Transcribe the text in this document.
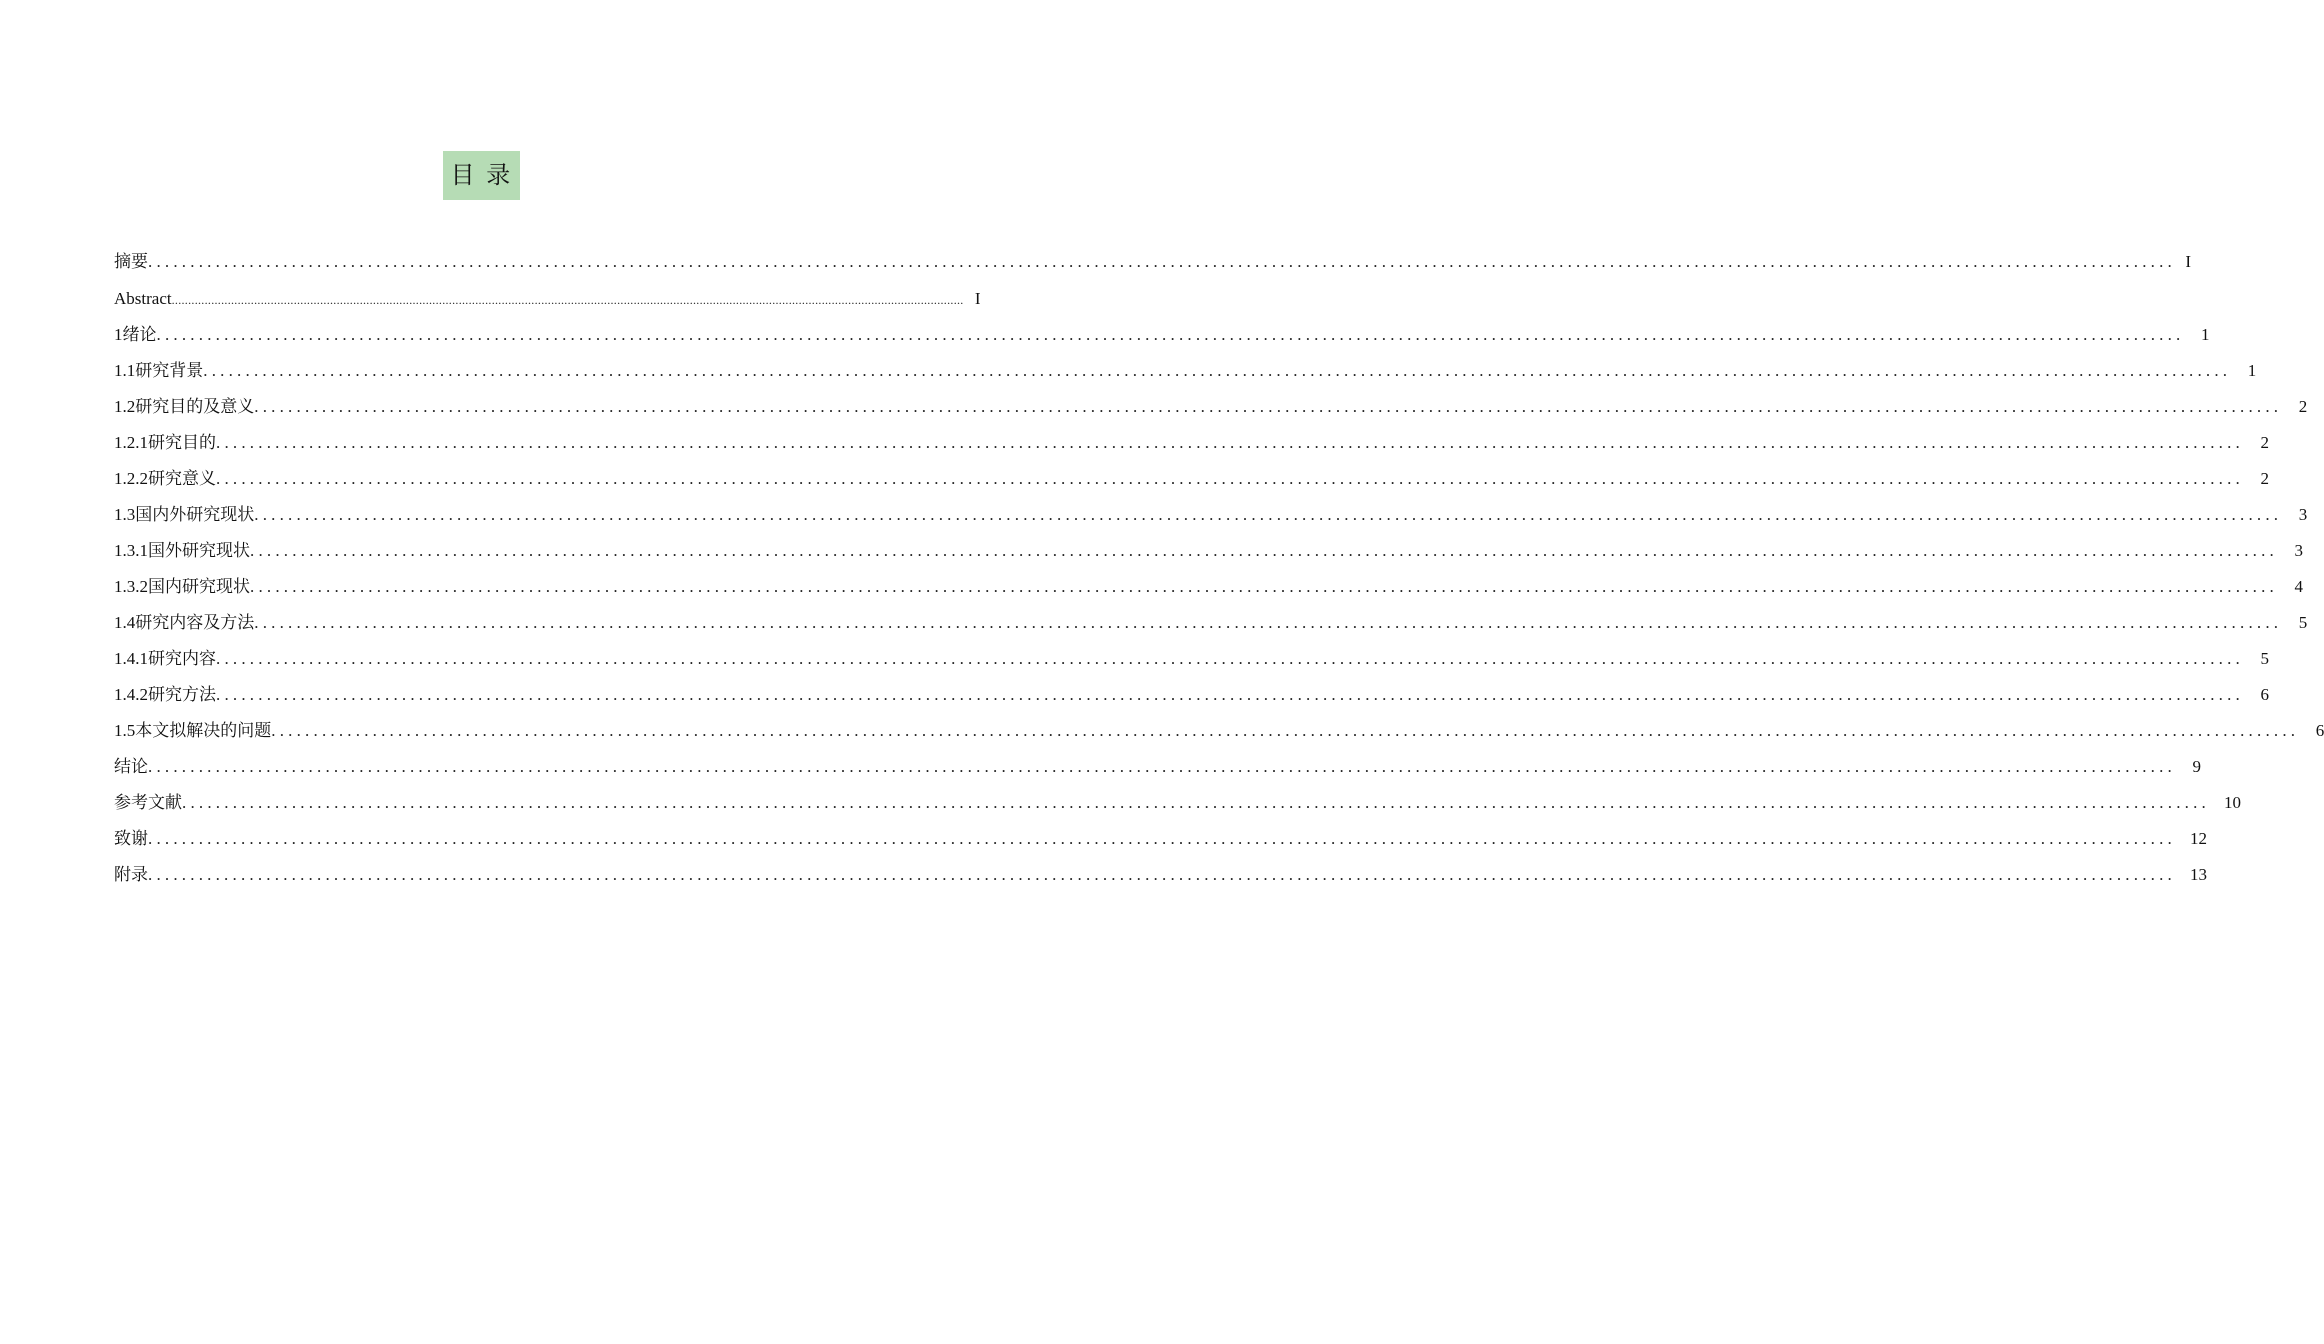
目 录
摘要 ................................................................................................................................................................................................................................................ I
Abstract ................................................................................................................................................................................................................................................ I
1 绪论 ................................................................................................................................................................................................................................................ 1
1.1 研究背景 ................................................................................................................................................................................................................................................ 1
1.2 研究目的及意义 ................................................................................................................................................................................................................................................ 2
1.2.1 研究目的 ................................................................................................................................................................................................................................................ 2
1.2.2 研究意义 ................................................................................................................................................................................................................................................ 2
1.3 国内外研究现状 ................................................................................................................................................................................................................................................ 3
1.3.1 国外研究现状 ................................................................................................................................................................................................................................................ 3
1.3.2 国内研究现状 ................................................................................................................................................................................................................................................ 4
1.4 研究内容及方法 ................................................................................................................................................................................................................................................ 5
1.4.1 研究内容 ................................................................................................................................................................................................................................................ 5
1.4.2 研究方法 ................................................................................................................................................................................................................................................ 6
1.5 本文拟解决的问题 ................................................................................................................................................................................................................................................ 6
结论 ................................................................................................................................................................................................................................................ 9
参考文献 ................................................................................................................................................................................................................................................ 10
致谢 ................................................................................................................................................................................................................................................ 12
附录 ................................................................................................................................................................................................................................................ 13
